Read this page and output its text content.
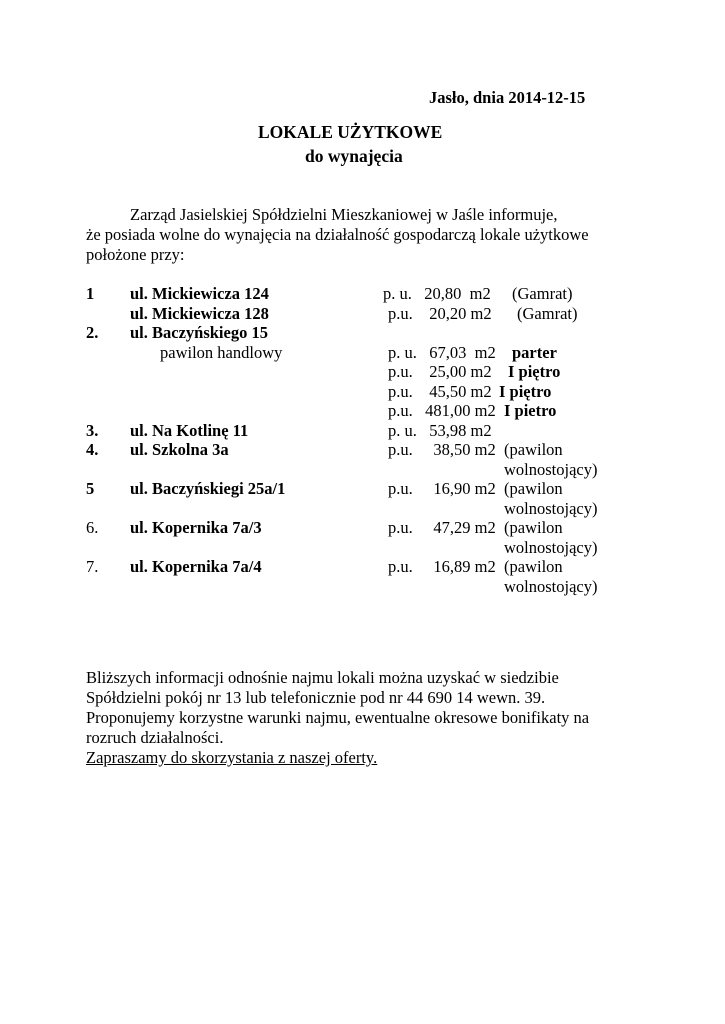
Jasło, dnia 2014-12-15
LOKALE UŻYTKOWE
do wynajęcia
Zarząd Jasielskiej Spółdzielni Mieszkaniowej w Jaśle informuje,
że posiada wolne do wynajęcia na działalność gospodarczą lokale użytkowe
położone przy:
1 ul. Mickiewicza 124	p. u.   20,80  m2 (Gamrat)
ul. Mickiewicza 128	p.u.    20,20 m2 (Gamrat)
2. ul. Baczyńskiego 15
pawilon handlowy	p. u.   67,03  m2 parter
p.u.    25,00 m2 I piętro
p.u.    45,50 m2 I piętro
p.u.   481,00 m2 I pietro
3. ul. Na Kotlinę 11	p. u.   53,98 m2
4. ul. Szkolna 3a	p.u.     38,50 m2 (pawilon
wolnostojący)
5 ul. Baczyńskiegi 25a/1	p.u.     16,90 m2 (pawilon
wolnostojący)
6. ul. Kopernika 7a/3	p.u.     47,29 m2 (pawilon
wolnostojący)
7. ul. Kopernika 7a/4	p.u.     16,89 m2 (pawilon
wolnostojący)
Bliższych informacji odnośnie najmu lokali można uzyskać w siedzibie
Spółdzielni pokój nr 13 lub telefonicznie pod nr 44 690 14 wewn. 39.
Proponujemy korzystne warunki najmu, ewentualne okresowe bonifikaty na
rozruch działalności.
Zapraszamy do skorzystania z naszej oferty.
